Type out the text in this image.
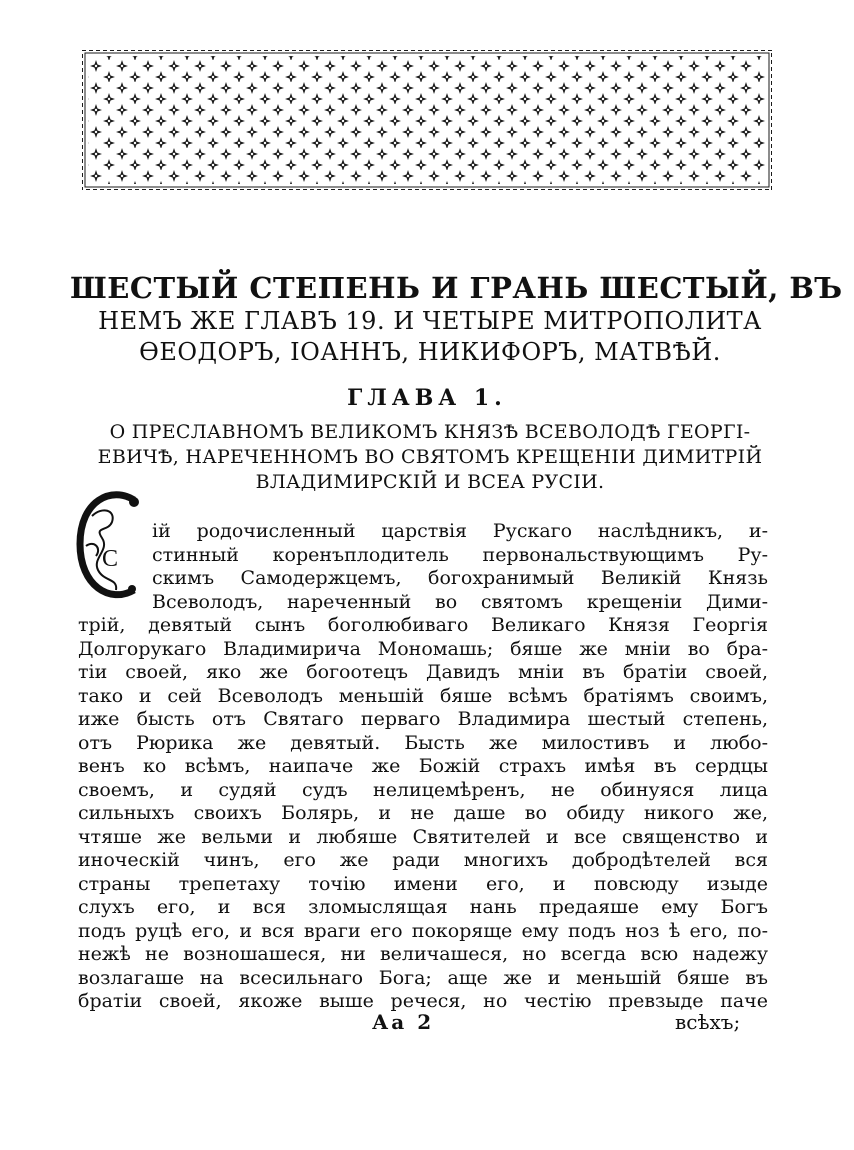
ШЕСТЫЙ СТЕПЕНЬ И ГРАНЬ ШЕСТЫЙ, ВЪ
НЕМЪ ЖЕ ГЛАВЪ 19. И ЧЕТЫРЕ МИТРОПОЛИТА
ѲЕОДОРЪ, ІОАННЪ, НИКИФОРЪ, МАТВѢЙ.
ГЛАВА 1.
О ПРЕСЛАВНОМЪ ВЕЛИКОМЪ КНЯЗѢ ВСЕВОЛОДѢ ГЕОРГІ-
ЕВИЧѢ, НАРЕЧЕННОМЪ ВО СВЯТОМЪ КРЕЩЕНІИ ДИМИТРІЙ
ВЛАДИМИРСКІЙ И ВСЕА РУСІИ.
С
ій родочисленный царствія Рускаго наслѣдникъ, и-
стинный коренъплодитель первональствующимъ Ру-
скимъ Самодержцемъ, богохранимый Великій Князь
Всеволодъ, нареченный во святомъ крещеніи Дими-
трій, девятый сынъ боголюбиваго Великаго Князя Георгія
Долгорукаго Владимирича Мономашь; бяше же мніи во бра-
тіи своей, яко же богоотецъ Давидъ мніи въ братіи своей,
тако и сей Всеволодъ меньшій бяше всѣмъ братіямъ своимъ,
иже бысть отъ Святаго перваго Владимира шестый степень,
отъ Рюрика же девятый. Бысть же милостивъ и любо-
венъ ко всѣмъ, наипаче же Божій страхъ имѣя въ сердцы
своемъ, и судяй судъ нелицемѣренъ, не обинуяся лица
сильныхъ своихъ Болярь, и не даше во обиду никого же,
чтяше же вельми и любяше Святителей и все священство и
иноческій чинъ, его же ради многихъ добродѣтелей вся
страны трепетаху точію имени его, и повсюду изыде
слухъ его, и вся зломыслящая нань предаяше ему Богъ
подъ руцѣ его, и вся враги его покоряще ему подъ ноз ѣ его, по-
нежѣ не возношашеся, ни величашеся, но всегда всю надежу
возлагаше на всесильнаго Бога; аще же и меньшій бяше въ
братіи своей, якоже выше речеся, но честію превзыде паче
Аа 2	всѣхъ;
